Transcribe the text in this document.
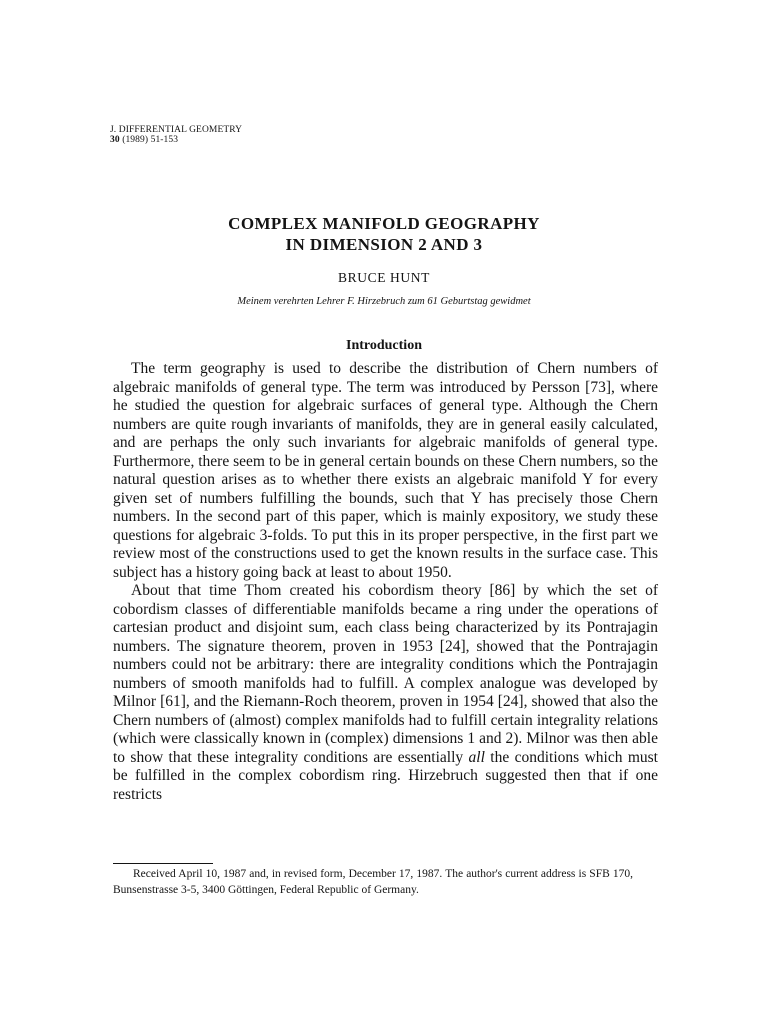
J. DIFFERENTIAL GEOMETRY
30 (1989) 51-153
COMPLEX MANIFOLD GEOGRAPHY
IN DIMENSION 2 AND 3
BRUCE HUNT
Meinem verehrten Lehrer F. Hirzebruch zum 61 Geburtstag gewidmet
Introduction

The term geography is used to describe the distribution of Chern numbers of algebraic manifolds of general type. The term was introduced by Persson [73], where he studied the question for algebraic surfaces of general type. Although the Chern numbers are quite rough invariants of manifolds, they are in general easily calculated, and are perhaps the only such invariants for algebraic manifolds of general type. Furthermore, there seem to be in general certain bounds on these Chern numbers, so the natural question arises as to whether there exists an algebraic manifold Y for every given set of numbers fulfilling the bounds, such that Y has precisely those Chern numbers. In the second part of this paper, which is mainly expository, we study these questions for algebraic 3-folds. To put this in its proper perspective, in the first part we review most of the constructions used to get the known results in the surface case. This subject has a history going back at least to about 1950.

About that time Thom created his cobordism theory [86] by which the set of cobordism classes of differentiable manifolds became a ring under the operations of cartesian product and disjoint sum, each class being characterized by its Pontrajagin numbers. The signature theorem, proven in 1953 [24], showed that the Pontrajagin numbers could not be arbitrary: there are integrality conditions which the Pontrajagin numbers of smooth manifolds had to fulfill. A complex analogue was developed by Milnor [61], and the Riemann-Roch theorem, proven in 1954 [24], showed that also the Chern numbers of (almost) complex manifolds had to fulfill certain integrality relations (which were classically known in (complex) dimensions 1 and 2). Milnor was then able to show that these integrality conditions are essentially all the conditions which must be fulfilled in the complex cobordism ring. Hirzebruch suggested then that if one restricts

Received April 10, 1987 and, in revised form, December 17, 1987. The author's current address is SFB 170, Bunsenstrasse 3-5, 3400 Göttingen, Federal Republic of Germany.
